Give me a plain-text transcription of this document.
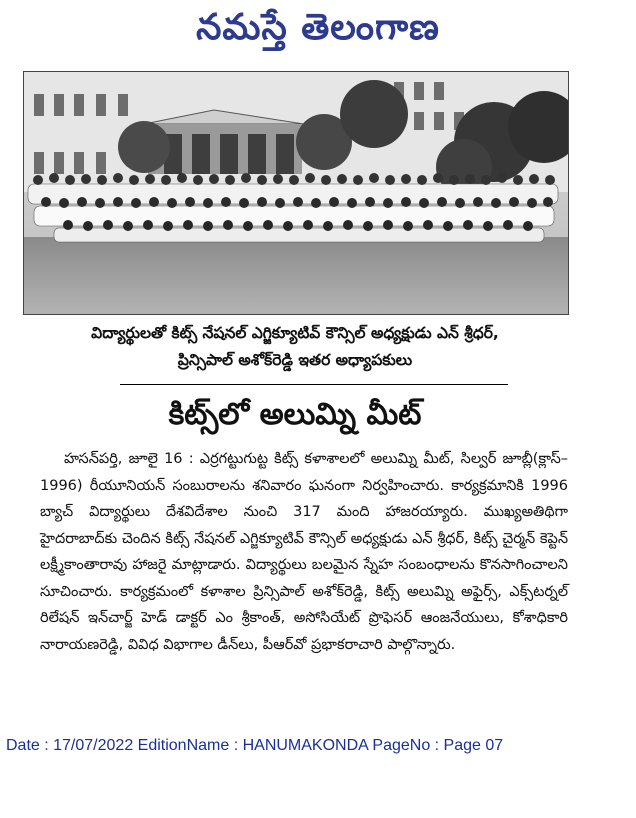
నమస్తే తెలంగాణ
విద్యార్థులతో కిట్స్ నేషనల్ ఎగ్జిక్యూటివ్ కౌన్సిల్ అధ్యక్షుడు ఎన్ శ్రీధర్,
ప్రిన్సిపాల్ అశోక్‌రెడ్డి ఇతర అధ్యాపకులు
కిట్స్‌లో అలుమ్ని మీట్
హసన్‌పర్తి, జూలై 16 : ఎర్రగట్టుగుట్ట కిట్స్ కళాశాలలో అలుమ్ని మీట్, సిల్వర్ జూబ్లీ(క్లాస్–1996) రీయూనియన్ సంబురాలను శనివారం ఘనంగా నిర్వహించారు. కార్యక్రమానికి 1996 బ్యాచ్ విద్యార్థులు దేశవిదేశాల నుంచి 317 మంది హాజరయ్యారు. ముఖ్యఅతిథిగా హైదరాబాద్‌కు చెందిన కిట్స్ నేషనల్ ఎగ్జిక్యూటివ్ కౌన్సిల్ అధ్యక్షుడు ఎన్ శ్రీధర్, కిట్స్ చైర్మన్ కెప్టెన్ లక్ష్మీకాంతారావు హాజరై మాట్లాడారు. విద్యార్థులు బలమైన స్నేహ సంబంధాలను కొనసాగించాలని సూచించారు. కార్యక్రమంలో కళాశాల ప్రిన్సిపాల్ అశోక్‌రెడ్డి, కిట్స్ అలుమ్ని అఫైర్స్, ఎక్స్‌టర్నల్ రిలేషన్ ఇన్‌చార్జ్ హెడ్ డాక్టర్ ఎం శ్రీకాంత్, అసోసియేట్ ప్రొఫెసర్ ఆంజనేయులు, కోశాధికారి నారాయణరెడ్డి, వివిధ విభాగాల డీన్‌లు, పీఆర్‌వో ప్రభాకరాచారి పాల్గొన్నారు.
Date : 17/07/2022 EditionName : HANUMAKONDA PageNo : Page 07
